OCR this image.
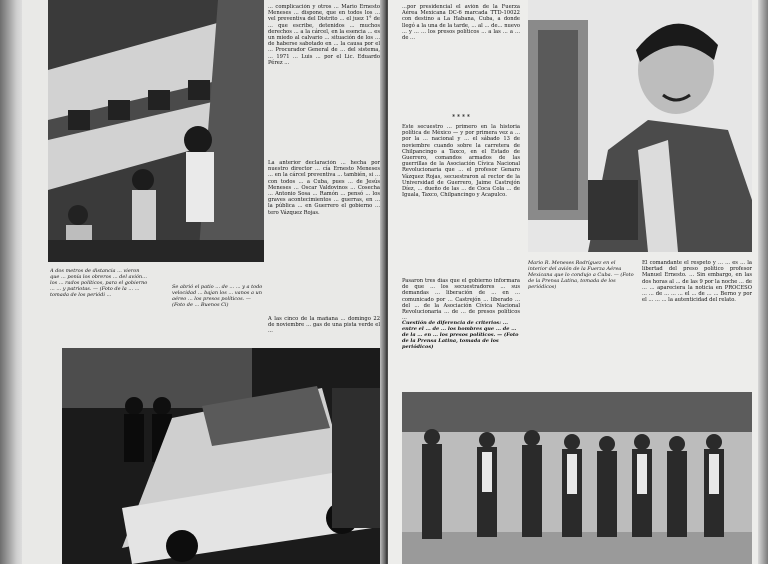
... complicación y otros ... Mario Ernesto Meneses ... dispone, que en todos los ... vel preventiva del Distrito ... el juez 1° de ... que escribe, detenidos ... muchos derechos ... a la cárcel, en la esencia ... es un miedo al calvario ... situación de los ... de haberse sabotado en ... la causa por el ... Procurador General de ... del sistema, ... 1971 ... Luis ... por el Lic. Eduardo Pérez ...

La anterior declaración ... hecha por nuestro director ... cía Ernesto Meneses ... en la cárcel preventiva ... también, si ... con todos ... a Cuba, pues ... de Jesús Meneses ... Oscar Valdovinos ... Cosecha ... Antonio Sosa ... Ramón ... pensó ... los graves acontecimientos ... guerras, en ... la pública ... en Guerrero el gobierno ... tero Vázquez Rojas.

A las cinco de la mañana ... domingo 22 de noviembre ... gas de una pista verde el ...

A dos metros de distancia ... vieron que ... ponía los obreros ... del avión... los ... rados políticos, para el gobierno ... ... y patriotas. — (Foto de la ... ... tomada de los periódi ...
Se abrió el patio ... de ... ... y a todo velocidad ... bajan los ... vanos a un aéreo ... los presos políticos. — (Foto de ... Buenos Ci)

...por presidencial el avión de la Fuerza Aérea Mexicana DC-6 marcada TTD-10022 con destino a La Habana, Cuba, a donde llegó a la una de la tarde, ... al ... de... nuevo ... y ... ... los presos políticos ... a las ... a ... de ...

* * * *

Este secuestro ... primero en la historia política de México — y por primera vez a ... por la ... nacional y ... el sábado 13 de noviembre cuando sobre la carretera de Chilpancingo a Taxco, en el Estado de Guerrero, comandos armados de las guerrillas de la Asociación Cívica Nacional Revolucionaria que ... el profesor Genaro Vázquez Rojas, secuestraron al rector de la Universidad de Guerrero, Jaime Castrejón Díez, ... dueño de las ... de Coca Cola ... de Iguala, Taxco, Chilpancingo y Acapulco.

Pasaron tres días que el gobierno informara de que ... los secuestradores ... sus demandas ... liberación de ... en ... comunicado por ... Castrejón ... liberado ... del ... de la Asociación Cívica Nacional Revolucionaria ... de ... de presos políticos ...

Mario R. Meneses Rodríguez en el interior del avión de la Fuerza Aérea Mexicana que lo condujo a Cuba. — (Foto de la Prensa Latina, tomada de los periódicos)
Cuestión de diferencia de criterios: ... entre el ... de ... los hombres que ... de ... de la ... en ... los presos políticos. — (Foto de la Prensa Latina, tomada de los periódicos)

El comandante el respeto y ... ... es ... la libertad del preso político profesor Manuel Ernesto. ... Sin embargo, en las dos horas al ... de las 9 por la noche ... de ... ... apareciera la noticia en PROCESO ... ... de ... ... ... el ... de ... ... Berno y por el ... ... ... la autenticidad del relato.
